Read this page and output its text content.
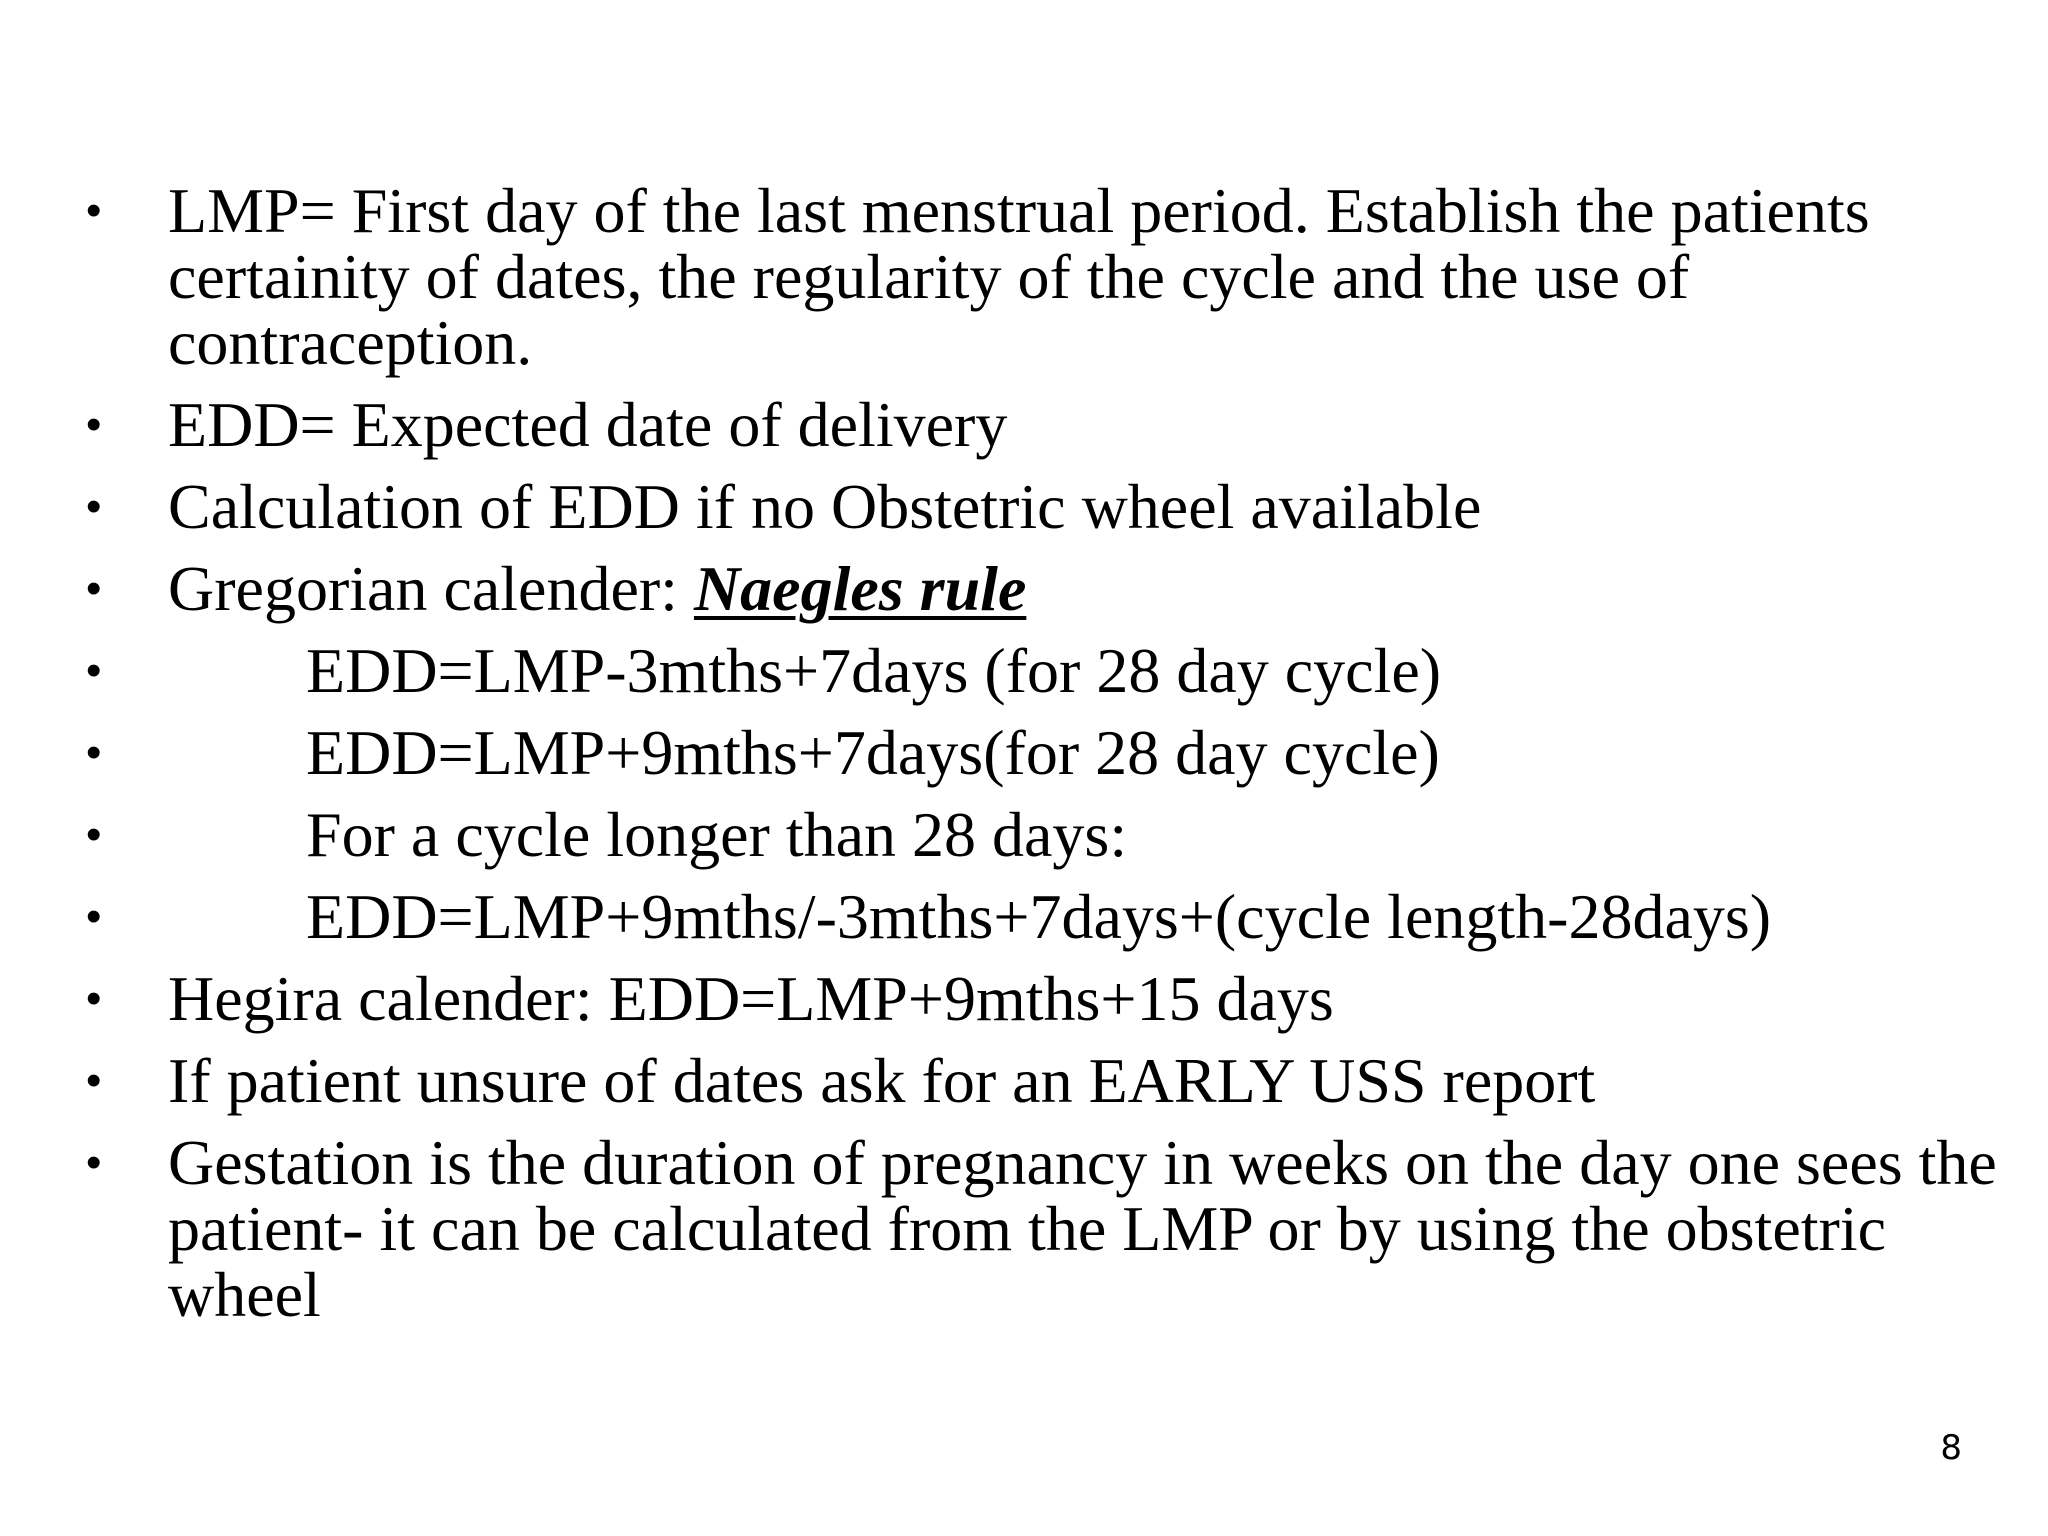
•	LMP= First day of the last menstrual period. Establish the patients certainity of dates, the regularity of the cycle and the use of contraception.
•	EDD= Expected date of delivery
•	Calculation of EDD if no Obstetric wheel available
•	Gregorian calender: Naegles rule
•	EDD=LMP-3mths+7days (for 28 day cycle)
•	EDD=LMP+9mths+7days(for 28 day cycle)
•	For a cycle longer than 28 days:
•	EDD=LMP+9mths/-3mths+7days+(cycle length-28days)
•	Hegira calender: EDD=LMP+9mths+15 days
•	If patient unsure of dates ask for an EARLY USS report
•	Gestation is the duration of pregnancy in weeks on the day one sees the patient- it can be calculated from the LMP or by using the obstetric wheel
8
